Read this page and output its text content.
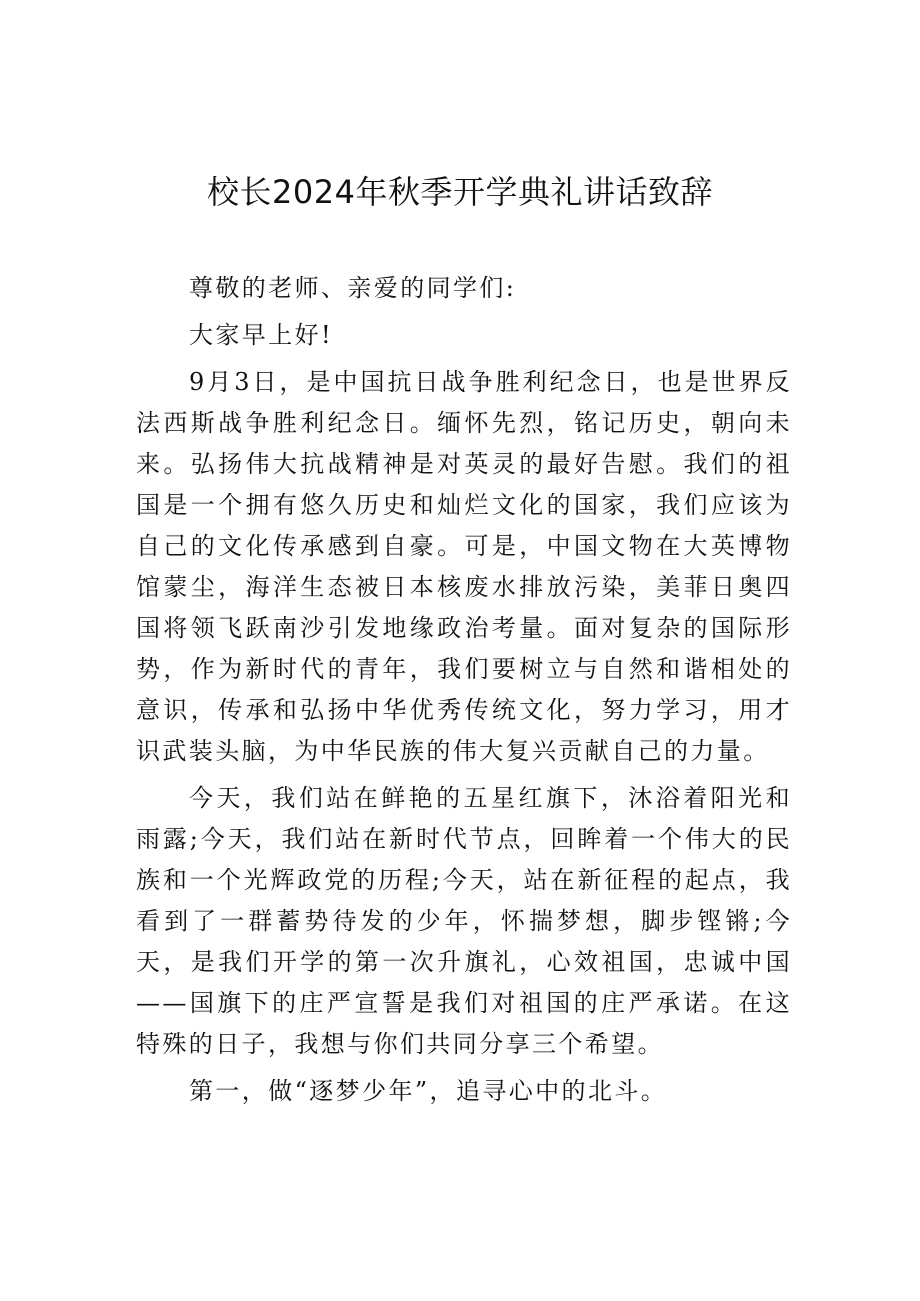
校长2024年秋季开学典礼讲话致辞

尊敬的老师、亲爱的同学们:

大家早上好!

9月3日，是中国抗日战争胜利纪念日，也是世界反法西斯战争胜利纪念日。缅怀先烈，铭记历史，朝向未来。弘扬伟大抗战精神是对英灵的最好告慰。我们的祖国是一个拥有悠久历史和灿烂文化的国家，我们应该为自己的文化传承感到自豪。可是，中国文物在大英博物馆蒙尘，海洋生态被日本核废水排放污染，美菲日奥四国将领飞跃南沙引发地缘政治考量。面对复杂的国际形势，作为新时代的青年，我们要树立与自然和谐相处的意识，传承和弘扬中华优秀传统文化，努力学习，用才识武装头脑，为中华民族的伟大复兴贡献自己的力量。

今天，我们站在鲜艳的五星红旗下，沐浴着阳光和雨露;今天，我们站在新时代节点，回眸着一个伟大的民族和一个光辉政党的历程;今天，站在新征程的起点，我看到了一群蓄势待发的少年，怀揣梦想，脚步铿锵;今天，是我们开学的第一次升旗礼，心效祖国，忠诚中国——国旗下的庄严宣誓是我们对祖国的庄严承诺。在这特殊的日子，我想与你们共同分享三个希望。

第一，做“逐梦少年”，追寻心中的北斗。
